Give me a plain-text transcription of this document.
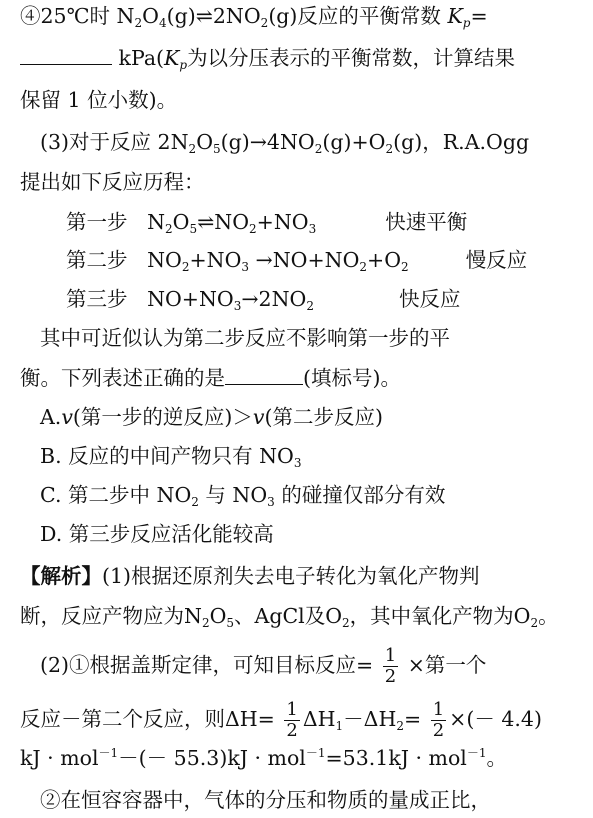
④25℃时 N2O4(g)⇌2NO2(g)反应的平衡常数 Kp=
kPa(Kp为以分压表示的平衡常数，计算结果
保留 1 位小数)。
(3)对于反应 2N2O5(g)→4NO2(g)+O2(g)，R.A.Ogg
提出如下反应历程：
第一步 N2O5⇌NO2+NO3	快速平衡
第二步 NO2+NO3 →NO+NO2+O2	慢反应
第三步 NO+NO3→2NO2	快反应
其中可近似认为第二步反应不影响第一步的平
衡。下列表述正确的是	(填标号)。
A.v(第一步的逆反应)＞v(第二步反应)
B. 反应的中间产物只有 NO3
C. 第二步中 NO2 与 NO3 的碰撞仅部分有效
D. 第三步反应活化能较高
【解析】(1)根据还原剂失去电子转化为氧化产物判
断，反应产物应为N2O5、AgCl及O2，其中氧化产物为O2。
(2)①根据盖斯定律，可知目标反应= $\frac{1}{2}$ ×第一个
反应－第二个反应，则$\Delta H= \frac{1}{2} \Delta H1-\Delta H2= \frac{1}{2}$ ×(－ 4.4)
kJ · mol$^{-1}$－(－ 55.3)kJ · mol$^{-1}$=53.1kJ · mol$^{-1}$。
②在恒容容器中，气体的分压和物质的量成正比，
